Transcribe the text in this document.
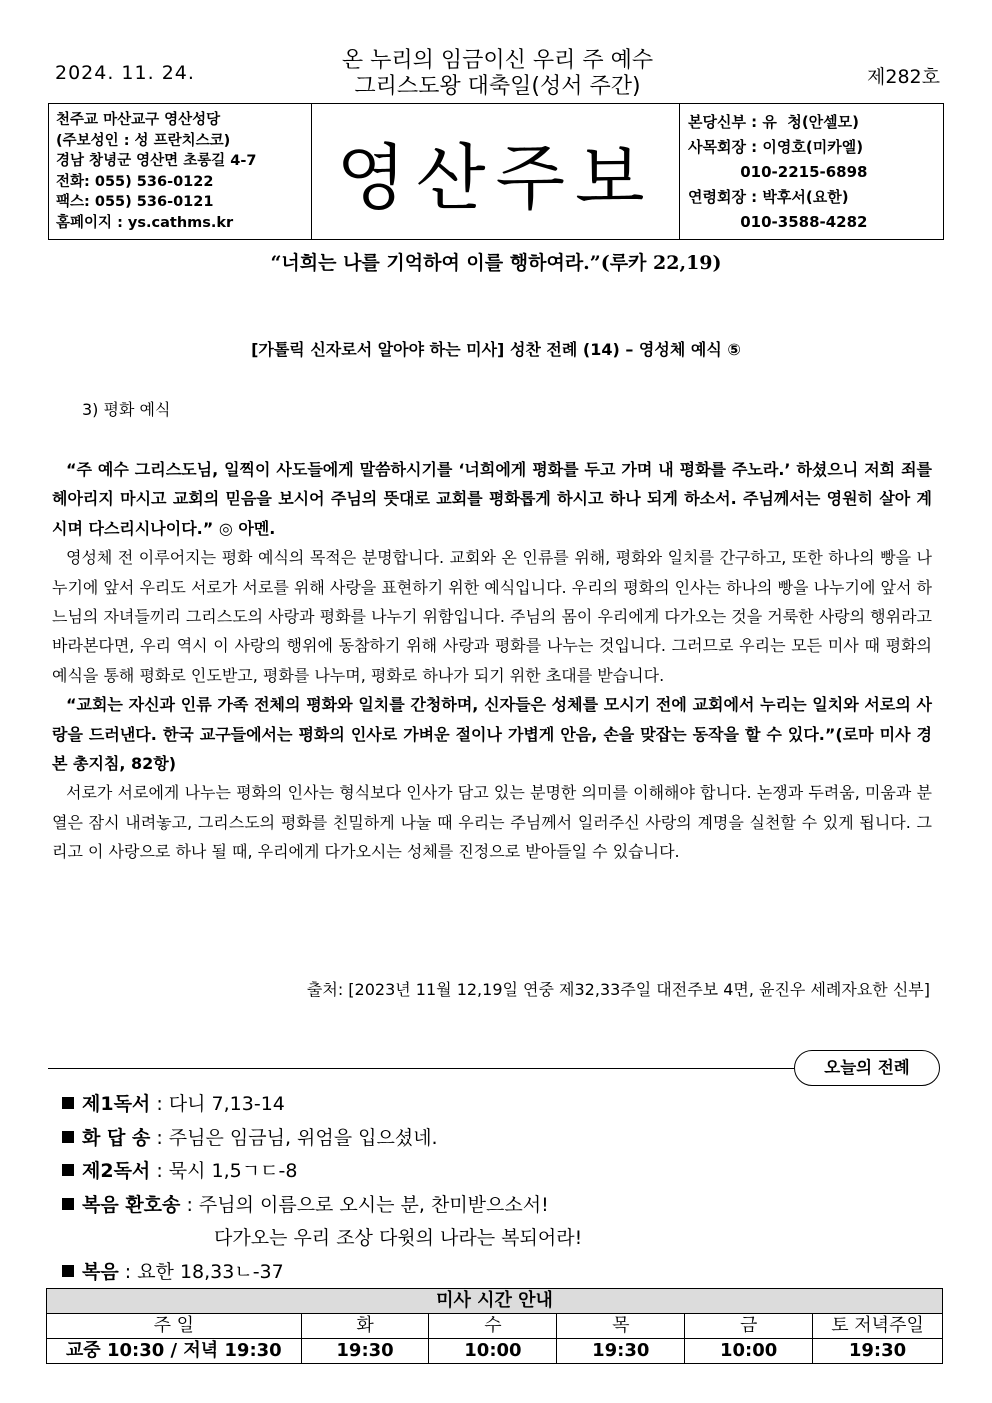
2024. 11. 24.	온 누리의 임금이신 우리 주 예수
그리스도왕 대축일(성서 주간)	제282호
천주교 마산교구 영산성당
(주보성인 : 성 프란치스코)
경남 창녕군 영산면 초롱길 4-7
전화: 055) 536-0122
팩스: 055) 536-0121
홈페이지 : ys.cathms.kr
영산주보
본당신부 : 유  청(안셀모)
사목회장 : 이영호(미카엘)
010-2215-6898
연령회장 : 박후서(요한)
010-3588-4282
“너희는 나를 기억하여 이를 행하여라.”(루카 22,19)
[가톨릭 신자로서 알아야 하는 미사] 성찬 전례 (14) – 영성체 예식 ⑤
3) 평화 예식

“주 예수 그리스도님, 일찍이 사도들에게 말씀하시기를 ‘너희에게 평화를 두고 가며 내 평화를 주노라.’ 하셨으니 저희 죄를 헤아리지 마시고 교회의 믿음을 보시어 주님의 뜻대로 교회를 평화롭게 하시고 하나 되게 하소서. 주님께서는 영원히 살아 계시며 다스리시나이다.” ◎ 아멘.

영성체 전 이루어지는 평화 예식의 목적은 분명합니다. 교회와 온 인류를 위해, 평화와 일치를 간구하고, 또한 하나의 빵을 나누기에 앞서 우리도 서로가 서로를 위해 사랑을 표현하기 위한 예식입니다. 우리의 평화의 인사는 하나의 빵을 나누기에 앞서 하느님의 자녀들끼리 그리스도의 사랑과 평화를 나누기 위함입니다. 주님의 몸이 우리에게 다가오는 것을 거룩한 사랑의 행위라고 바라본다면, 우리 역시 이 사랑의 행위에 동참하기 위해 사랑과 평화를 나누는 것입니다. 그러므로 우리는 모든 미사 때 평화의 예식을 통해 평화로 인도받고, 평화를 나누며, 평화로 하나가 되기 위한 초대를 받습니다.

“교회는 자신과 인류 가족 전체의 평화와 일치를 간청하며, 신자들은 성체를 모시기 전에 교회에서 누리는 일치와 서로의 사랑을 드러낸다. 한국 교구들에서는 평화의 인사로 가벼운 절이나 가볍게 안음, 손을 맞잡는 동작을 할 수 있다.”(로마 미사 경본 총지침, 82항)

서로가 서로에게 나누는 평화의 인사는 형식보다 인사가 담고 있는 분명한 의미를 이해해야 합니다. 논쟁과 두려움, 미움과 분열은 잠시 내려놓고, 그리스도의 평화를 친밀하게 나눌 때 우리는 주님께서 일러주신 사랑의 계명을 실천할 수 있게 됩니다. 그리고 이 사랑으로 하나 될 때, 우리에게 다가오시는 성체를 진정으로 받아들일 수 있습니다.

출처: [2023년 11월 12,19일 연중 제32,33주일 대전주보 4면, 윤진우 세례자요한 신부]
오늘의 전례
제1독서 : 다니 7,13-14
화 답 송 : 주님은 임금님, 위엄을 입으셨네.
제2독서 : 묵시 1,5ㄱㄷ-8
복음 환호송 : 주님의 이름으로 오시는 분, 찬미받으소서!
다가오는 우리 조상 다윗의 나라는 복되어라!
복음 : 요한 18,33ㄴ-37
미사 시간 안내					
주 일	화	수	목	금	토 저녁주일
교중 10:30 / 저녁 19:30	19:30	10:00	19:30	10:00	19:30
